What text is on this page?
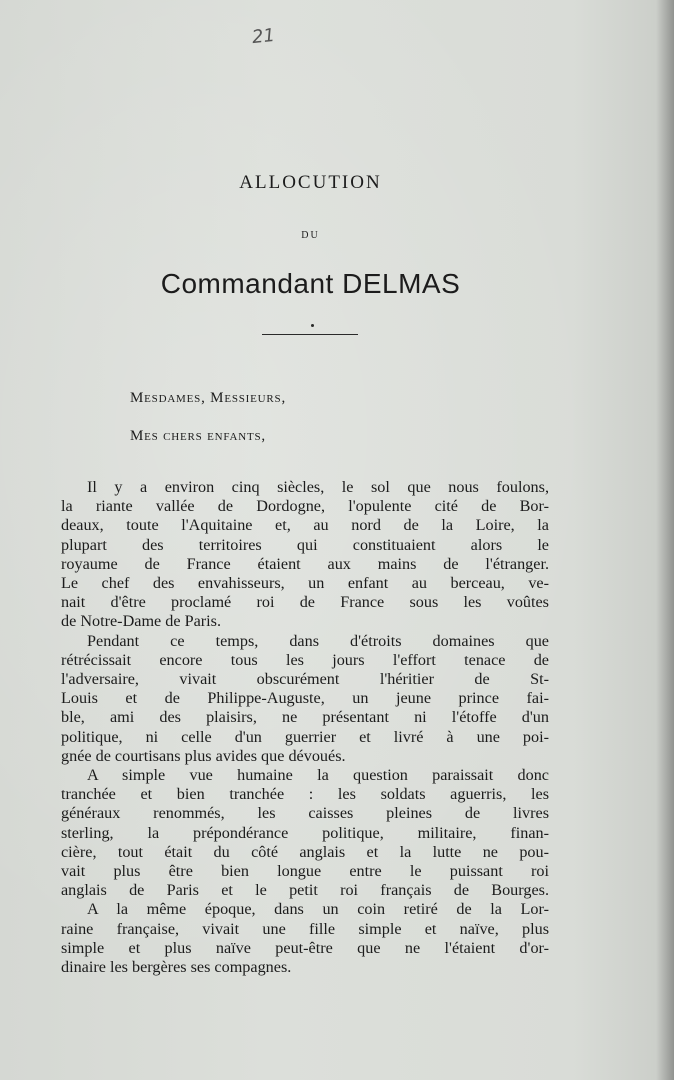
21
ALLOCUTION
DU
Commandant DELMAS
Mesdames, Messieurs,
Mes chers enfants,
Il y a environ cinq siècles, le sol que nous foulons,
la riante vallée de Dordogne, l'opulente cité de Bor-
deaux, toute l'Aquitaine et, au nord de la Loire, la
plupart des territoires qui constituaient alors le
royaume de France étaient aux mains de l'étranger.
Le chef des envahisseurs, un enfant au berceau, ve-
nait d'être proclamé roi de France sous les voûtes
de Notre-Dame de Paris.
Pendant ce temps, dans d'étroits domaines que
rétrécissait encore tous les jours l'effort tenace de
l'adversaire, vivait obscurément l'héritier de St-
Louis et de Philippe-Auguste, un jeune prince fai-
ble, ami des plaisirs, ne présentant ni l'étoffe d'un
politique, ni celle d'un guerrier et livré à une poi-
gnée de courtisans plus avides que dévoués.
A simple vue humaine la question paraissait donc
tranchée et bien tranchée : les soldats aguerris, les
généraux renommés, les caisses pleines de livres
sterling, la prépondérance politique, militaire, finan-
cière, tout était du côté anglais et la lutte ne pou-
vait plus être bien longue entre le puissant roi
anglais de Paris et le petit roi français de Bourges.
A la même époque, dans un coin retiré de la Lor-
raine française, vivait une fille simple et naïve, plus
simple et plus naïve peut-être que ne l'étaient d'or-
dinaire les bergères ses compagnes.
